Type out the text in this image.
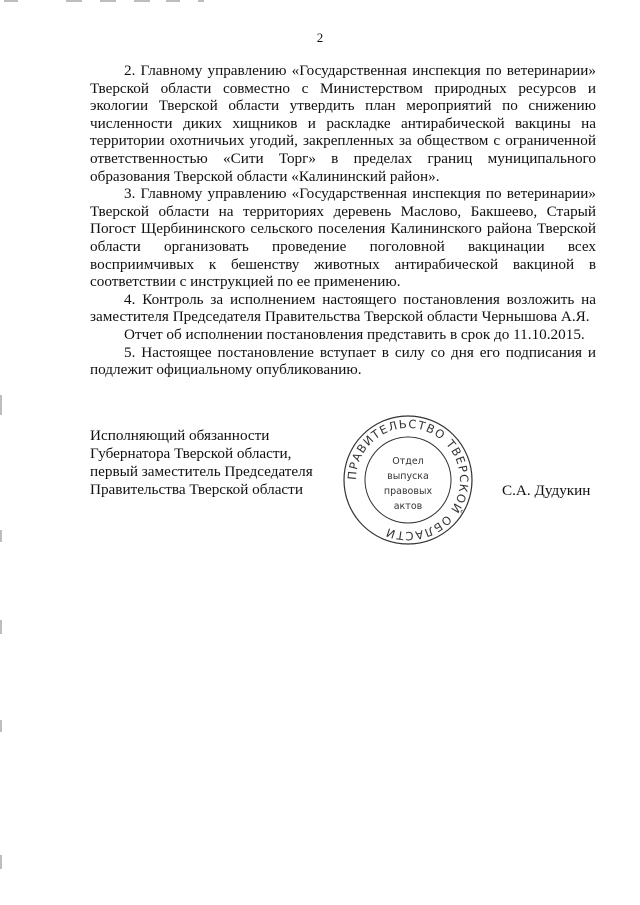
2

2. Главному управлению «Государственная инспекция по ветеринарии» Тверской области совместно с Министерством природных ресурсов и экологии Тверской области утвердить план мероприятий по снижению численности диких хищников и раскладке антирабической вакцины на территории охотничьих угодий, закрепленных за обществом с ограниченной ответственностью «Сити Торг» в пределах границ муниципального образования Тверской области «Калининский район».

3. Главному управлению «Государственная инспекция по ветеринарии» Тверской области на территориях деревень Маслово, Бакшеево, Старый Погост Щербининского сельского поселения Калининского района Тверской области организовать проведение поголовной вакцинации всех восприимчивых к бешенству животных антирабической вакциной в соответствии с инструкцией по ее применению.

4. Контроль за исполнением настоящего постановления возложить на заместителя Председателя Правительства Тверской области Чернышова А.Я.

Отчет об исполнении постановления представить в срок до 11.10.2015.

5. Настоящее постановление вступает в силу со дня его подписания и подлежит официальному опубликованию.

Исполняющий обязанности
Губернатора Тверской области,
первый заместитель Председателя
Правительства Тверской области
ПРАВИТЕЛЬСТВО ТВЕРСКОЙ ОБЛАСТИ
Отдел
выпуска
правовых
актов
С.А. Дудукин
